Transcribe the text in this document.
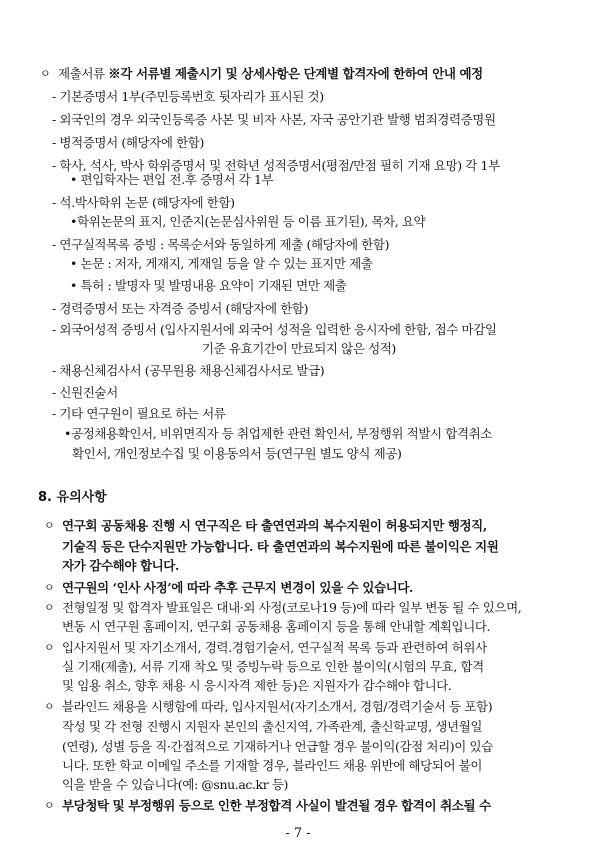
ㅇ 제출서류 ※각 서류별 제출시기 및 상세사항은 단계별 합격자에 한하여 안내 예정
- 기본증명서 1부(주민등록번호 뒷자리가 표시된 것)
- 외국인의 경우 외국인등록증 사본 및 비자 사본, 자국 공안기관 발행 범죄경력증명원
- 병적증명서 (해당자에 한함)
- 학사, 석사, 박사 학위증명서 및 전학년 성적증명서(평점/만점 필히 기재 요망) 각 1부
• 편입학자는 편입 전․후 증명서 각 1부
- 석․박사학위 논문 (해당자에 한함)
•학위논문의 표지, 인준지(논문심사위원 등 이름 표기된), 목차, 요약
- 연구실적목록 증빙 : 목록순서와 동일하게 제출 (해당자에 한함)
• 논문 : 저자, 게재지, 게재일 등을 알 수 있는 표지만 제출
• 특허 : 발명자 및 발명내용 요약이 기재된 면만 제출
- 경력증명서 또는 자격증 증빙서 (해당자에 한함)
- 외국어성적 증빙서 (입사지원서에 외국어 성적을 입력한 응시자에 한함, 접수 마감일
기준 유효기간이 만료되지 않은 성적)
- 채용신체검사서 (공무원용 채용신체검사서로 발급)
- 신원진술서
- 기타 연구원이 필요로 하는 서류
•공정채용확인서, 비위면직자 등 취업제한 관련 확인서, 부정행위 적발시 합격취소
확인서, 개인정보수집 및 이용동의서 등(연구원 별도 양식 제공)
8. 유의사항
ㅇ 연구회 공동채용 진행 시 연구직은 타 출연연과의 복수지원이 허용되지만 행정직,
기술직 등은 단수지원만 가능합니다. 타 출연연과의 복수지원에 따른 불이익은 지원
자가 감수해야 합니다.
ㅇ 연구원의 ‘인사 사정’에 따라 추후 근무지 변경이 있을 수 있습니다.
ㅇ 전형일정 및 합격자 발표일은 대내·외 사정(코로나19 등)에 따라 일부 변동 될 수 있으며,
변동 시 연구원 홈페이지, 연구회 공동채용 홈페이지 등을 통해 안내할 계획입니다.
ㅇ 입사지원서 및 자기소개서, 경력․경험기술서, 연구실적 목록 등과 관련하여 허위사
실 기재(제출), 서류 기재 착오 및 증빙누락 등으로 인한 불이익(시험의 무효, 합격
및 임용 취소, 향후 채용 시 응시자격 제한 등)은 지원자가 감수해야 합니다.
ㅇ 블라인드 채용을 시행함에 따라, 입사지원서(자기소개서, 경험/경력기술서 등 포함)
작성 및 각 전형 진행시 지원자 본인의 출신지역, 가족관계, 출신학교명, 생년월일
(연령), 성별 등을 직·간접적으로 기재하거나 언급할 경우 불이익(감점 처리)이 있습
니다. 또한 학교 이메일 주소를 기재할 경우, 블라인드 채용 위반에 해당되어 불이
익을 받을 수 있습니다(예: @snu.ac.kr 등)
ㅇ 부당청탁 및 부정행위 등으로 인한 부정합격 사실이 발견될 경우 합격이 취소될 수
- 7 -
